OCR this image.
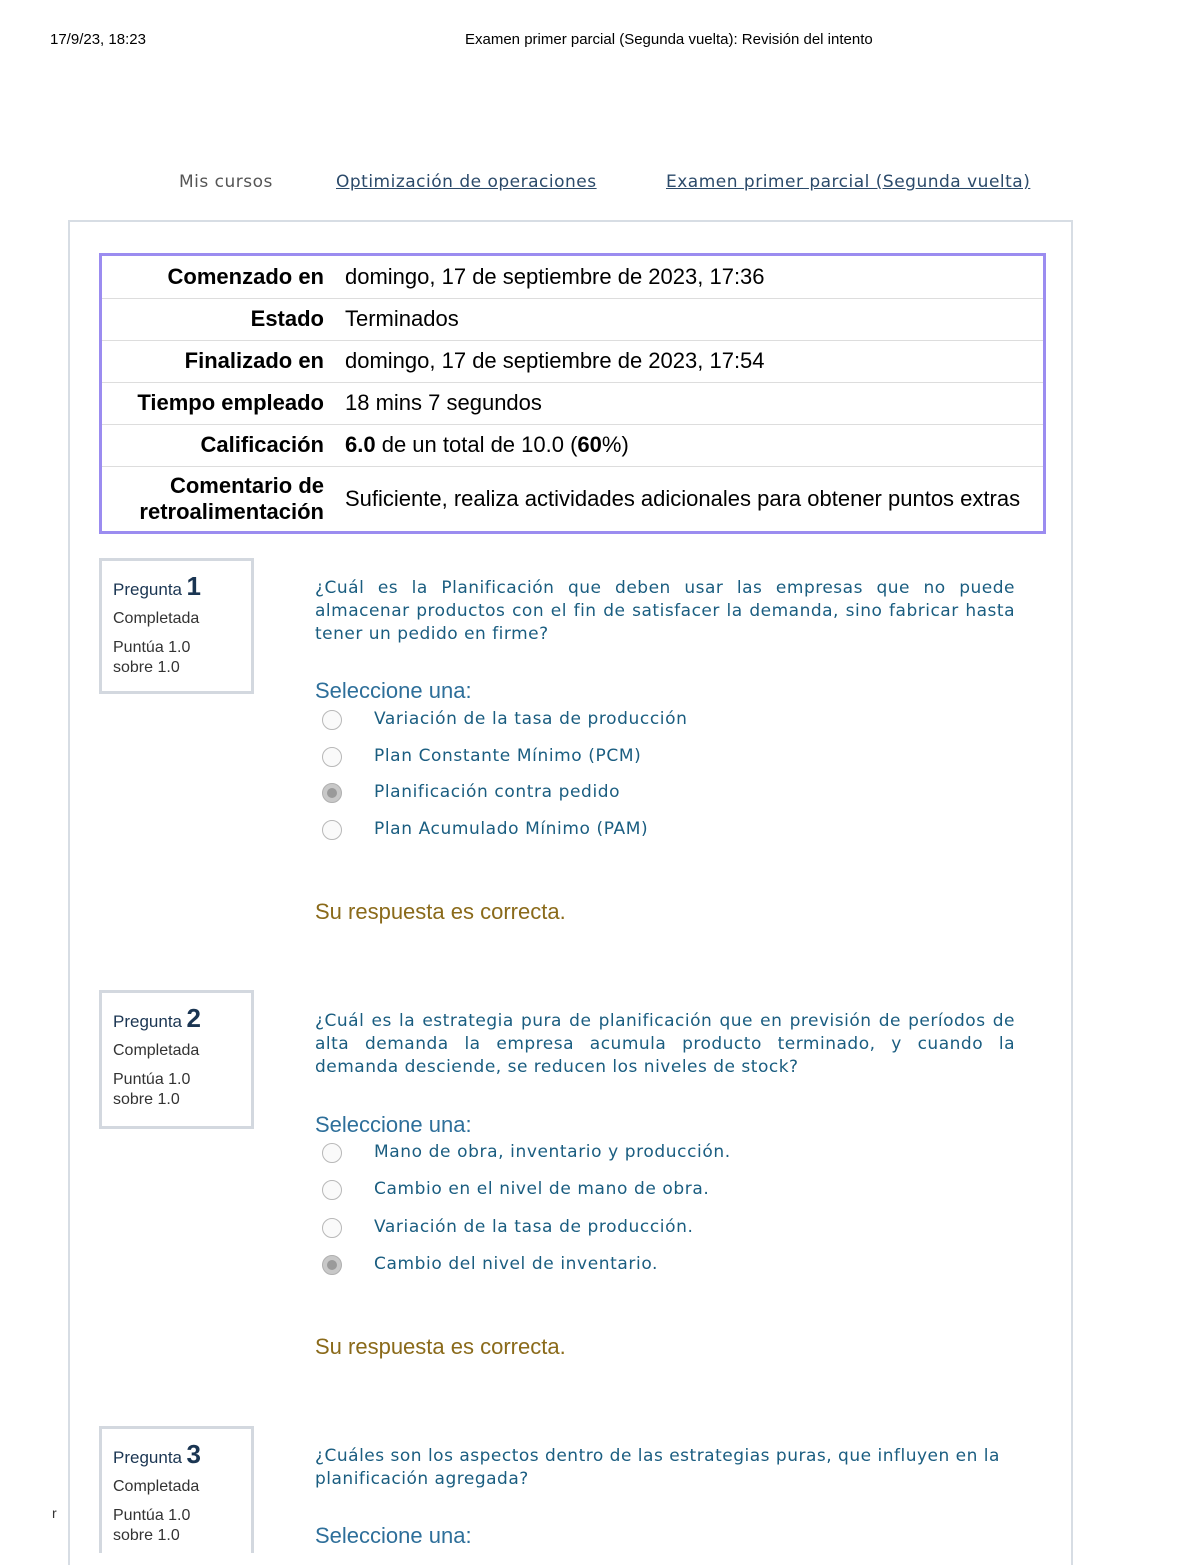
17/9/23, 18:23	Examen primer parcial (Segunda vuelta): Revisión del intento
Mis cursos	Optimización de operaciones	Examen primer parcial (Segunda vuelta)
Comenzado en	domingo, 17 de septiembre de 2023, 17:36
Estado	Terminados
Finalizado en	domingo, 17 de septiembre de 2023, 17:54
Tiempo empleado	18 mins 7 segundos
Calificación	6.0 de un total de 10.0 (60%)
Comentario de
retroalimentación	Suficiente, realiza actividades adicionales para obtener puntos extras
Pregunta 1
Completada
Puntúa 1.0
sobre 1.0
¿Cuál es la Planificación que deben usar las empresas que no puede almacenar productos con el fin de satisfacer la demanda, sino fabricar hasta tener un pedido en firme?
Seleccione una:
Variación de la tasa de producción
Plan Constante Mínimo (PCM)
Planificación contra pedido
Plan Acumulado Mínimo (PAM)
Su respuesta es correcta.
Pregunta 2
Completada
Puntúa 1.0
sobre 1.0
¿Cuál es la estrategia pura de planificación que en previsión de períodos de alta demanda la empresa acumula producto terminado, y cuando la demanda desciende, se reducen los niveles de stock?
Seleccione una:
Mano de obra, inventario y producción.
Cambio en el nivel de mano de obra.
Variación de la tasa de producción.
Cambio del nivel de inventario.
Su respuesta es correcta.
Pregunta 3
Completada
Puntúa 1.0
sobre 1.0
¿Cuáles son los aspectos dentro de las estrategias puras, que influyen en la planificación agregada?
Seleccione una:
r
